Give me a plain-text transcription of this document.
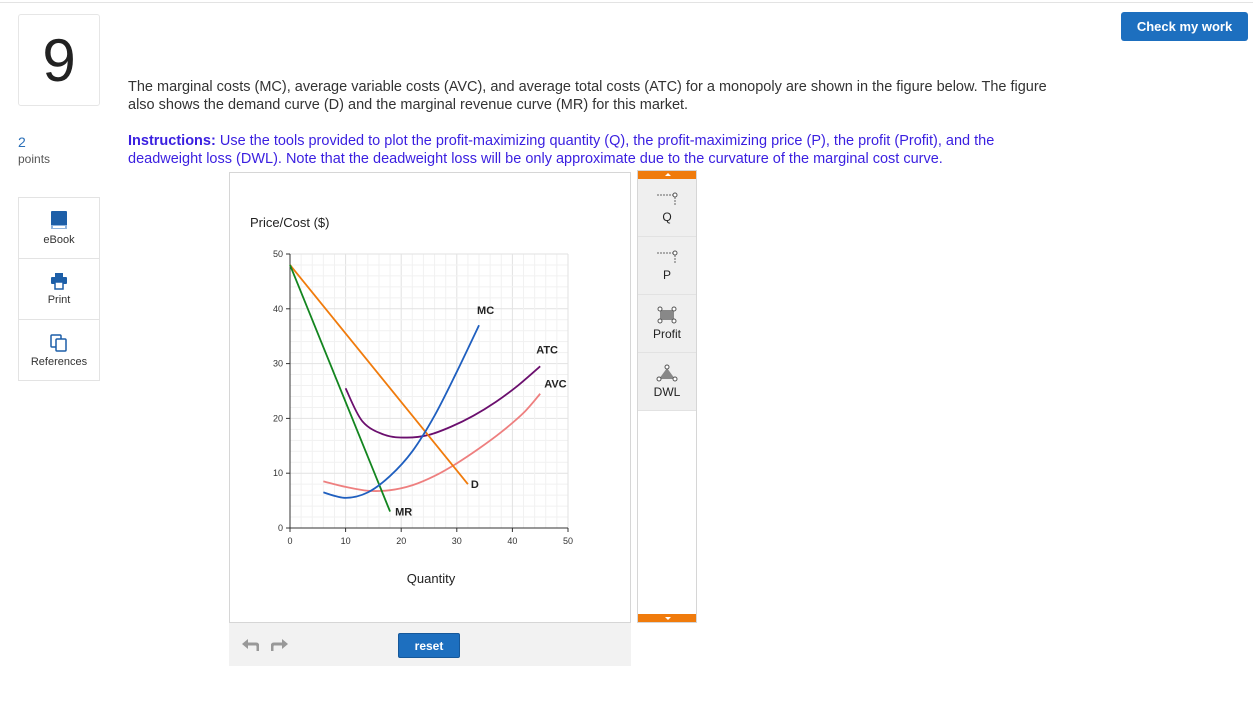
Check my work
9
2
points
eBook
Print
References
The marginal costs (MC), average variable costs (AVC), and average total costs (ATC) for a monopoly are shown in the figure below. The figure also shows the demand curve (D) and the marginal revenue curve (MR) for this market.
Instructions: Use the tools provided to plot the profit-maximizing quantity (Q), the profit-maximizing price (P), the profit (Profit), and the deadweight loss (DWL). Note that the deadweight loss will be only approximate due to the curvature of the marginal cost curve.
0	10	20	30	40	50
0
10
20
30
40
50
Price/Cost ($)
Quantity
MC
ATC
AVC
D
MR
reset
Q
P
Profit
DWL
